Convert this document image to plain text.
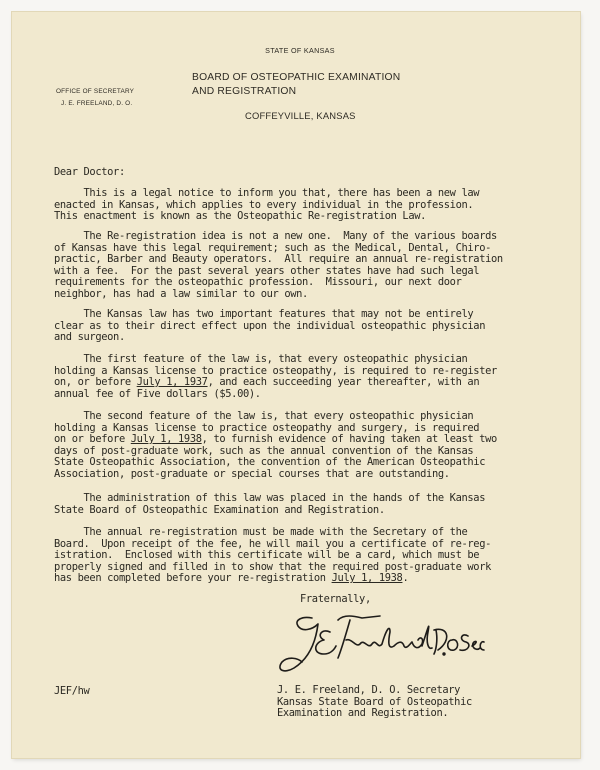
STATE OF KANSAS
BOARD OF OSTEOPATHIC EXAMINATION
AND REGISTRATION
COFFEYVILLE, KANSAS
OFFICE OF SECRETARY
J. E. FREELAND, D. O.
Dear Doctor:
This is a legal notice to inform you that, there has been a new law
enacted in Kansas, which applies to every individual in the profession.
This enactment is known as the Osteopathic Re-registration Law.
The Re-registration idea is not a new one.  Many of the various boards
of Kansas have this legal requirement; such as the Medical, Dental, Chiro-
practic, Barber and Beauty operators.  All require an annual re-registration
with a fee.  For the past several years other states have had such legal
requirements for the osteopathic profession.  Missouri, our next door
neighbor, has had a law similar to our own.
The Kansas law has two important features that may not be entirely
clear as to their direct effect upon the individual osteopathic physician
and surgeon.
The first feature of the law is, that every osteopathic physician
holding a Kansas license to practice osteopathy, is required to re-register
on, or before July 1, 1937, and each succeeding year thereafter, with an
annual fee of Five dollars ($5.00).
The second feature of the law is, that every osteopathic physician
holding a Kansas license to practice osteopathy and surgery, is required
on or before July 1, 1938, to furnish evidence of having taken at least two
days of post-graduate work, such as the annual convention of the Kansas
State Osteopathic Association, the convention of the American Osteopathic
Association, post-graduate or special courses that are outstanding.
The administration of this law was placed in the hands of the Kansas
State Board of Osteopathic Examination and Registration.
The annual re-registration must be made with the Secretary of the
Board.  Upon receipt of the fee, he will mail you a certificate of re-reg-
istration.  Enclosed with this certificate will be a card, which must be
properly signed and filled in to show that the required post-graduate work
has been completed before your re-registration July 1, 1938.
Fraternally,
JEF/hw	J. E. Freeland, D. O. Secretary
Kansas State Board of Osteopathic
Examination and Registration.
